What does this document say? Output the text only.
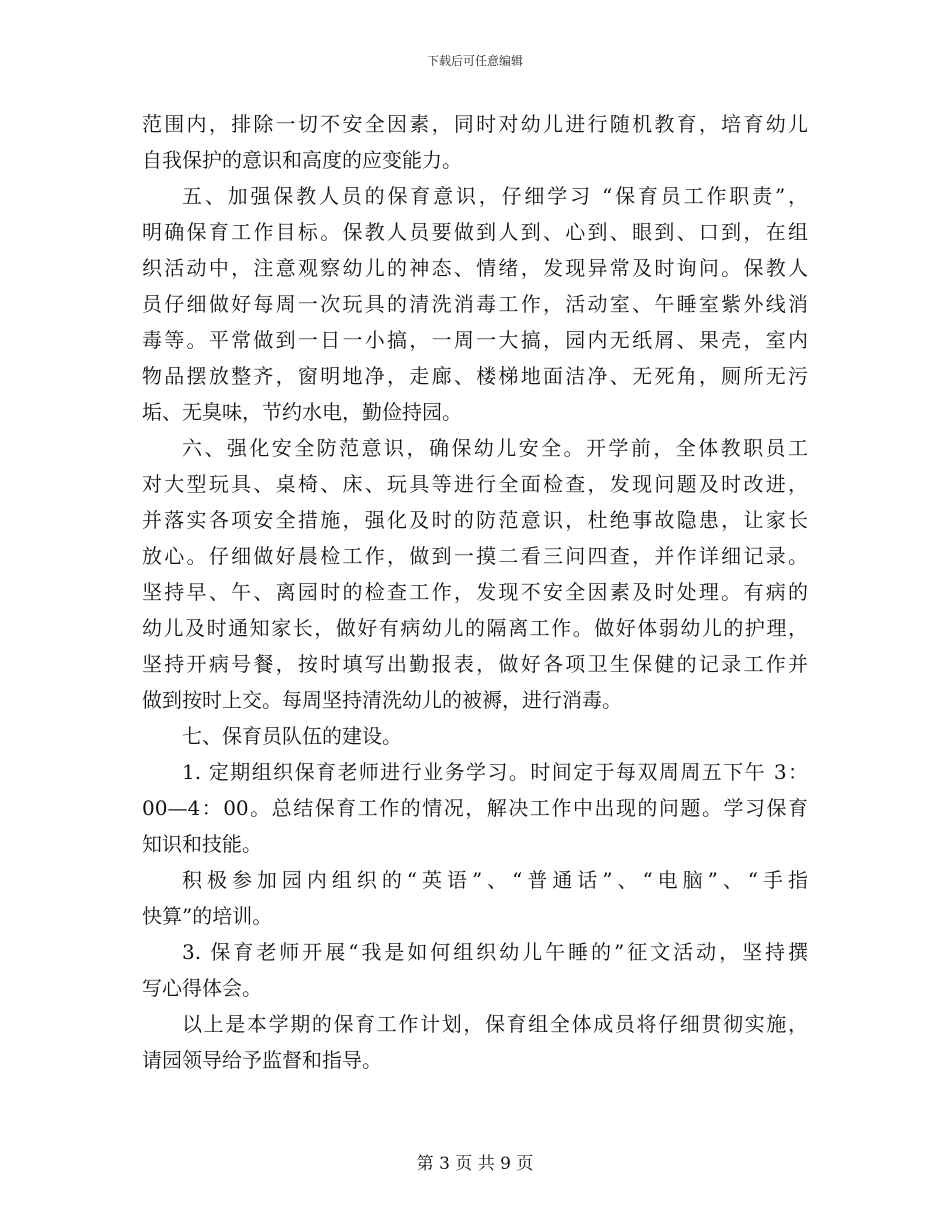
下载后可任意编辑
范围内，排除一切不安全因素，同时对幼儿进行随机教育，培育幼儿
自我保护的意识和高度的应变能力。
五、加强保教人员的保育意识，仔细学习 “保育员工作职责”，
明确保育工作目标。保教人员要做到人到、心到、眼到、口到，在组
织活动中，注意观察幼儿的神态、情绪，发现异常及时询问。保教人
员仔细做好每周一次玩具的清洗消毒工作，活动室、午睡室紫外线消
毒等。平常做到一日一小搞，一周一大搞，园内无纸屑、果壳，室内
物品摆放整齐，窗明地净，走廊、楼梯地面洁净、无死角，厕所无污
垢、无臭味，节约水电，勤俭持园。
六、强化安全防范意识，确保幼儿安全。开学前，全体教职员工
对大型玩具、桌椅、床、玩具等进行全面检查，发现问题及时改进，
并落实各项安全措施，强化及时的防范意识，杜绝事故隐患，让家长
放心。仔细做好晨检工作，做到一摸二看三问四查，并作详细记录。
坚持早、午、离园时的检查工作，发现不安全因素及时处理。有病的
幼儿及时通知家长，做好有病幼儿的隔离工作。做好体弱幼儿的护理，
坚持开病号餐，按时填写出勤报表，做好各项卫生保健的记录工作并
做到按时上交。每周坚持清洗幼儿的被褥，进行消毒。
七、保育员队伍的建设。
1. 定期组织保育老师进行业务学习。时间定于每双周周五下午 3：
00—4：00。总结保育工作的情况，解决工作中出现的问题。学习保育
知识和技能。
积极参加园内组织的“英语”、“普通话”、“电脑”、“手指
快算”的培训。
3. 保育老师开展“我是如何组织幼儿午睡的”征文活动，坚持撰
写心得体会。
以上是本学期的保育工作计划，保育组全体成员将仔细贯彻实施，
请园领导给予监督和指导。
第 3 页 共 9 页
